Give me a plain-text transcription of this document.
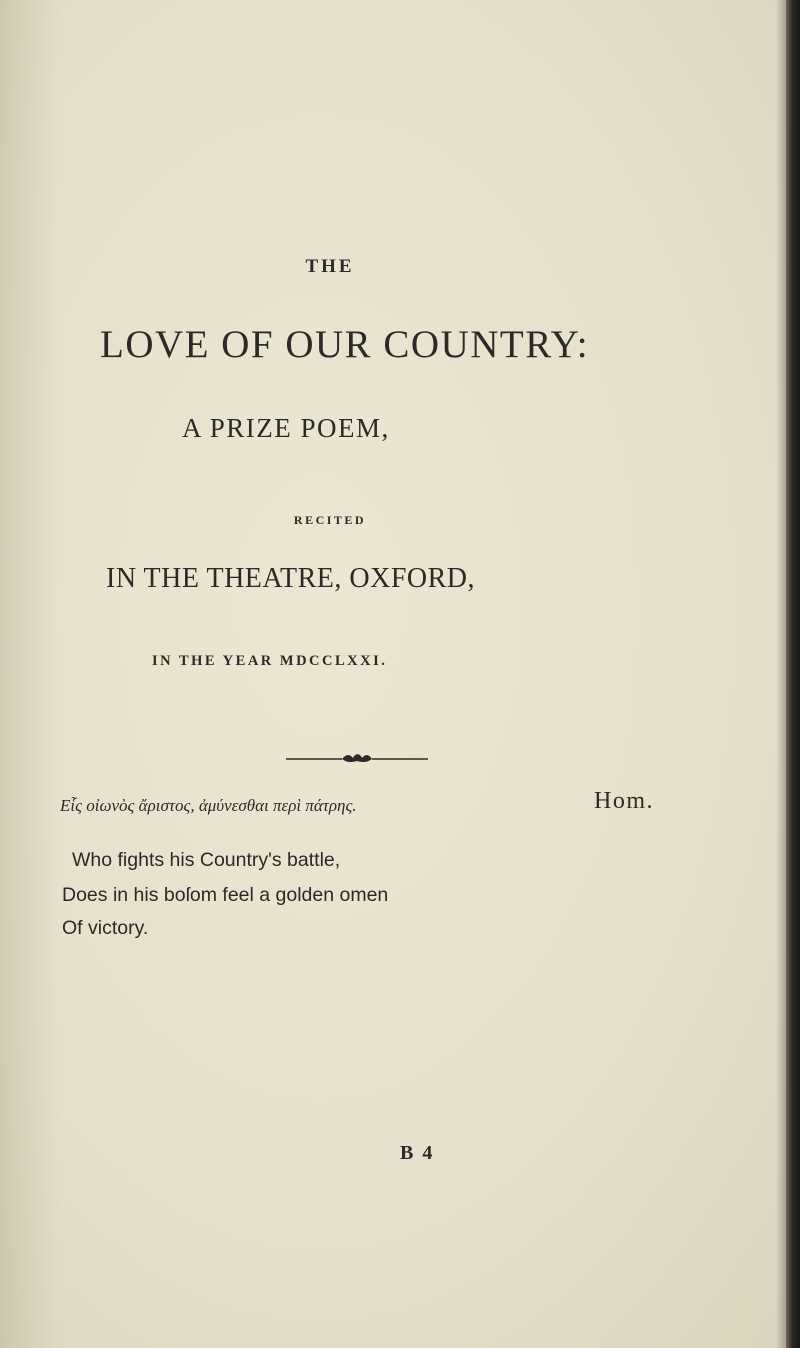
THE
LOVE OF OUR COUNTRY:
A PRIZE POEM,
RECITED
IN THE THEATRE, OXFORD,
IN THE YEAR MDCCLXXI.
Εἷς οἰωνὸς ἄριστος, ἀμύνεσθαι περὶ πάτρης.	Hom.
Who fights his Country's battle,
Does in his boſom feel a golden omen
Of victory.
B 4
